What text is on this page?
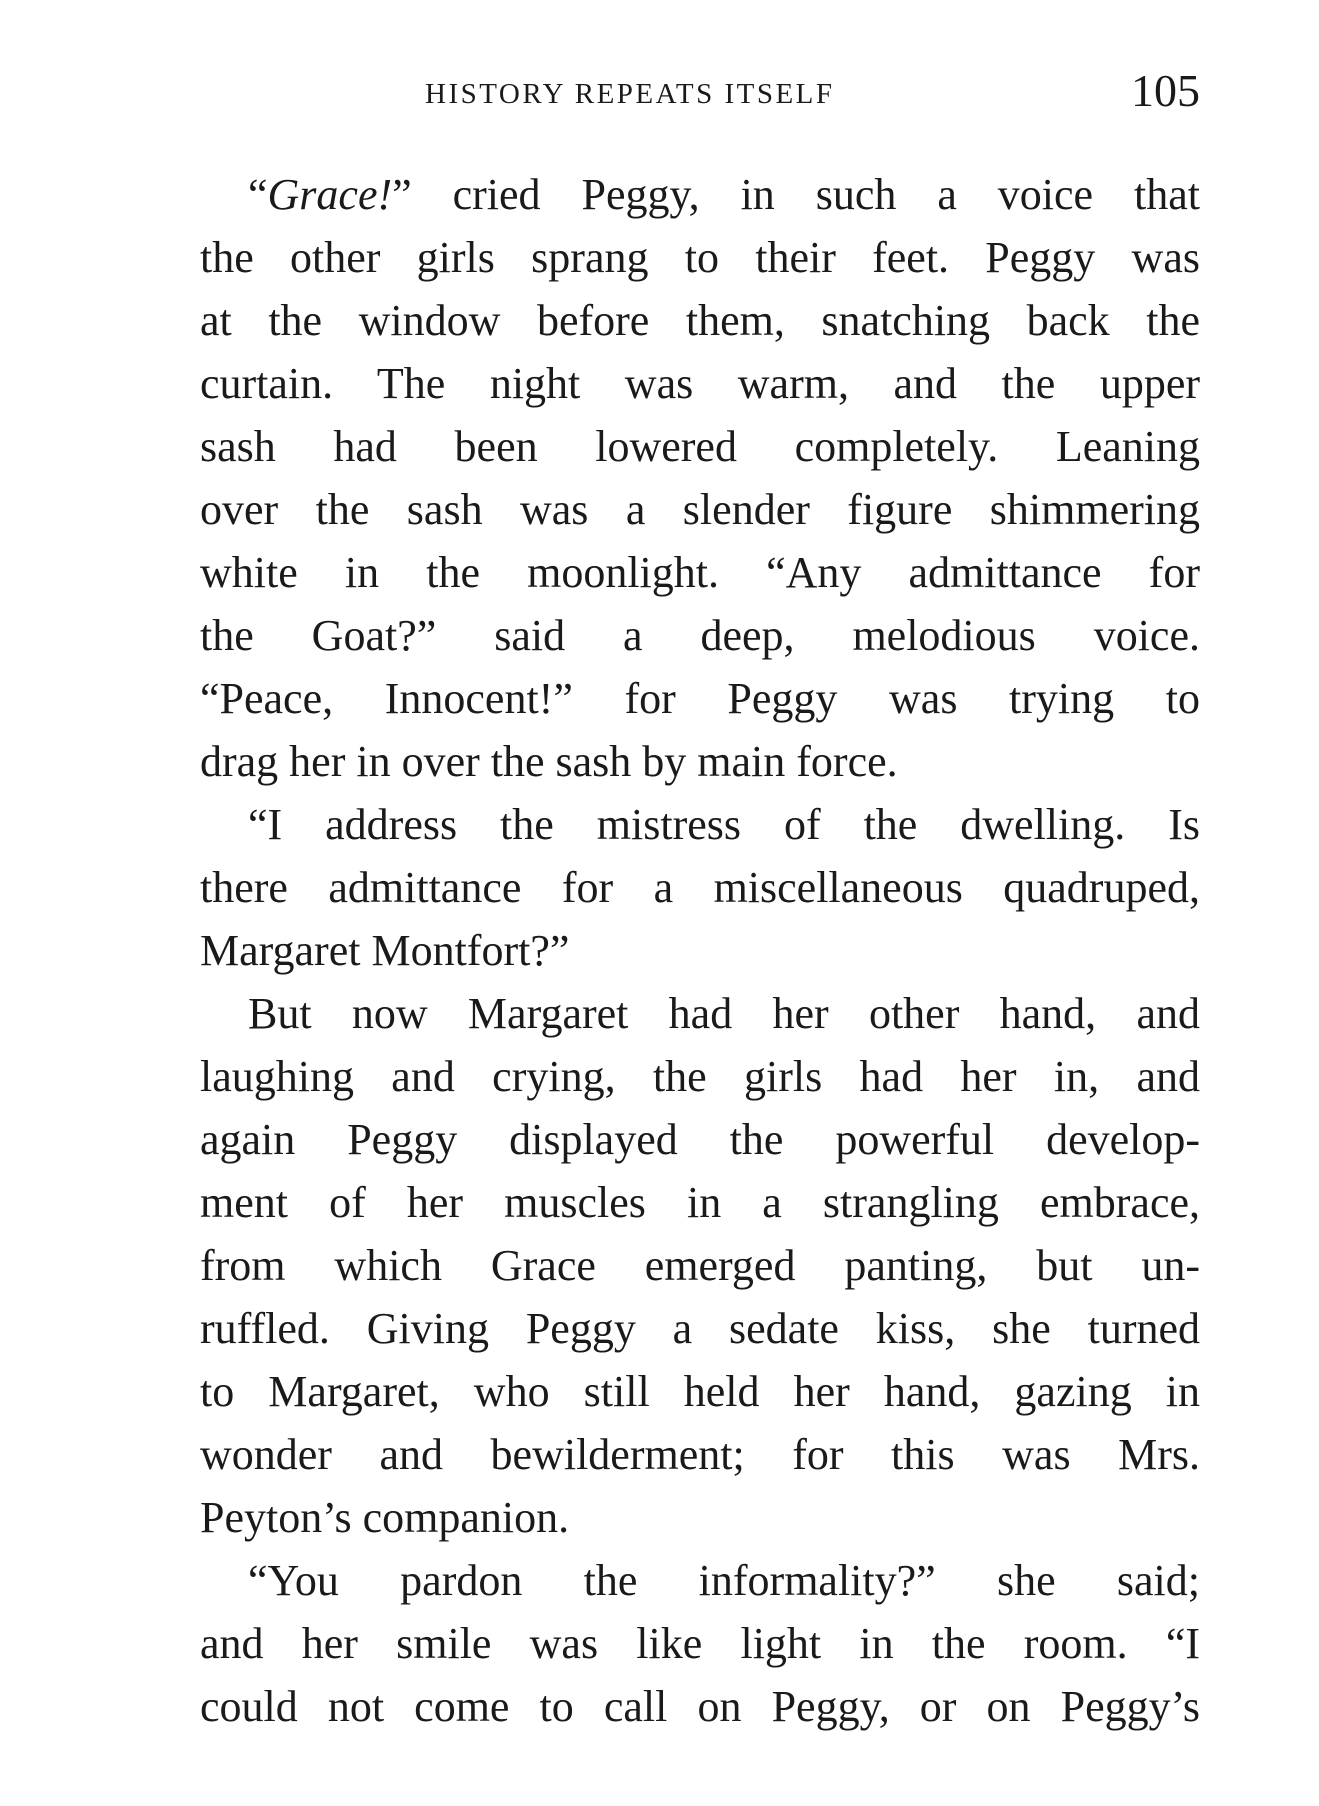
HISTORY REPEATS ITSELF	105
“Grace!” cried Peggy, in such a voice that
the other girls sprang to their feet. Peggy was
at the window before them, snatching back the
curtain. The night was warm, and the upper
sash had been lowered completely. Leaning
over the sash was a slender figure shimmering
white in the moonlight. “Any admittance for
the Goat?” said a deep, melodious voice.
“Peace, Innocent!” for Peggy was trying to
drag her in over the sash by main force.
“I address the mistress of the dwelling. Is
there admittance for a miscellaneous quadruped,
Margaret Montfort?”
But now Margaret had her other hand, and
laughing and crying, the girls had her in, and
again Peggy displayed the powerful develop-
ment of her muscles in a strangling embrace,
from which Grace emerged panting, but un-
ruffled. Giving Peggy a sedate kiss, she turned
to Margaret, who still held her hand, gazing in
wonder and bewilderment; for this was Mrs.
Peyton’s companion.
“You pardon the informality?” she said;
and her smile was like light in the room. “I
could not come to call on Peggy, or on Peggy’s
